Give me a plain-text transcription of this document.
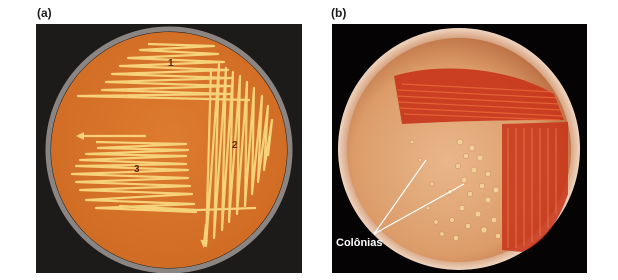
(a)	(b)
1
2
3
Colônias
